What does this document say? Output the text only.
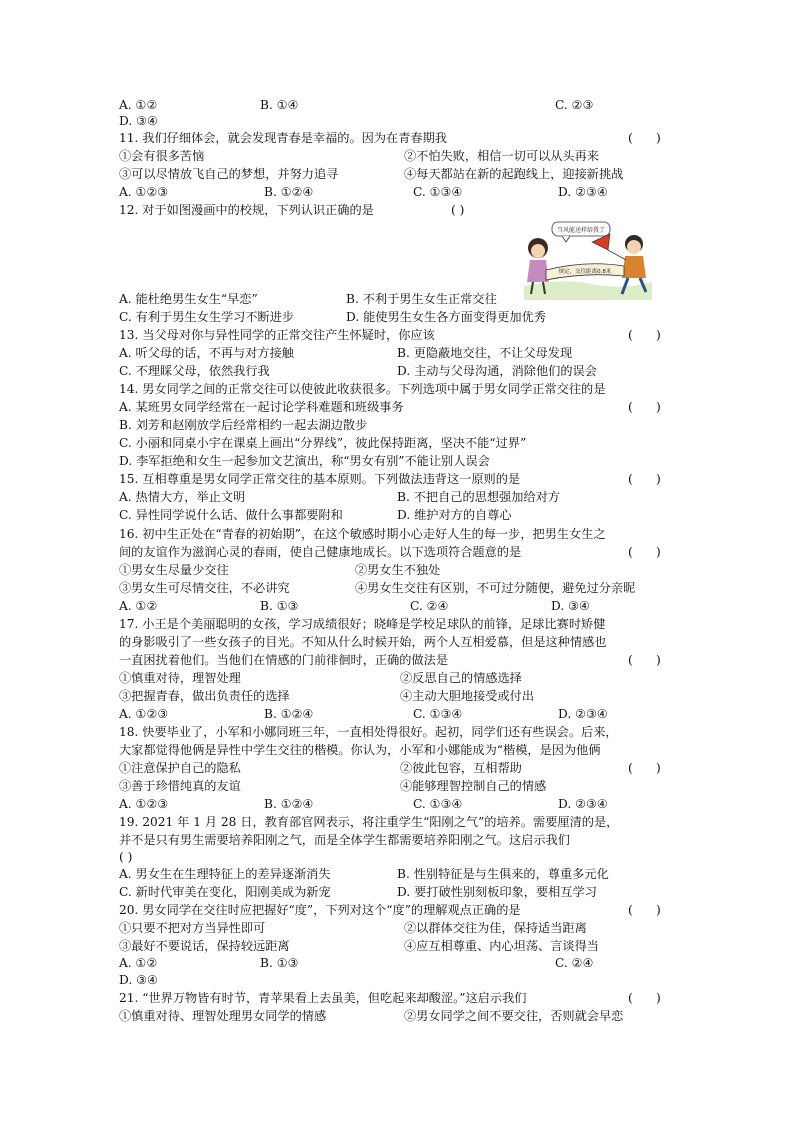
A. ①②	B. ①④	C. ②③
D. ③④
11. 我们仔细体会，就会发现青春是幸福的。因为在青春期我	(      )
①会有很多苦恼	②不怕失败，相信一切可以从头再来
③可以尽情放飞自己的梦想，并努力追寻	④每天都站在新的起跑线上，迎接新挑战
A. ①②③	B. ①②④	C. ①③④	D. ②③④
12. 对于如图漫画中的校规，下列认识正确的是	( )
A. 能杜绝男生女生“早恋”	B. 不利于男生女生正常交往
C. 有利于男生女生学习不断进步	D. 能使男生女生各方面变得更加优秀
13. 当父母对你与异性同学的正常交往产生怀疑时，你应该	(      )
A. 听父母的话，不再与对方接触	B. 更隐蔽地交往，不让父母发现
C. 不理睬父母，依然我行我	D. 主动与父母沟通，消除他们的误会
14. 男女同学之间的正常交往可以使彼此收获很多。下列选项中属于男女同学正常交往的是
A. 某班男女同学经常在一起讨论学科难题和班级事务	(      )
B. 刘芳和赵刚放学后经常相约一起去湖边散步
C. 小丽和同桌小宇在课桌上画出“分界线”，彼此保持距离，坚决不能“过界”
D. 李军拒绝和女生一起参加文艺演出，称“男女有别”不能让别人误会
15. 互相尊重是男女同学正常交往的基本原则。下列做法违背这一原则的是	(      )
A. 热情大方，举止文明	B. 不把自己的思想强加给对方
C. 异性同学说什么话、做什么事都要附和	D. 维护对方的自尊心
16. 初中生正处在“青春的初始期”，在这个敏感时期小心走好人生的每一步，把男生女生之
间的友谊作为滋润心灵的春雨，使自己健康地成长。以下选项符合题意的是	(      )
①男女生尽量少交往	②男女生不独处
③男女生可尽情交往，不必讲究	④男女生交往有区别，不可过分随便，避免过分亲昵
A. ①②	B. ①③	C. ②④	D. ③④
17. 小王是个美丽聪明的女孩，学习成绩很好；晓峰是学校足球队的前锋，足球比赛时矫健
的身影吸引了一些女孩子的目光。不知从什么时候开始，两个人互相爱慕，但是这种情感也
一直困扰着他们。当他们在情感的门前徘徊时，正确的做法是	(      )
①慎重对待，理智处理	②反思自己的情感选择
③把握青春，做出负责任的选择	④主动大胆地接受或付出
A. ①②③	B. ①②④	C. ①③④	D. ②③④
18. 快要毕业了，小军和小娜同班三年，一直相处得很好。起初，同学们还有些误会。后来，
大家都觉得他俩是异性中学生交往的楷模。你认为，小军和小娜能成为“楷模，是因为他俩
①注意保护自己的隐私	②彼此包容，互相帮助	(      )
③善于珍惜纯真的友谊	④能够理智控制自己的情感
A. ①②③	B. ①②④	C. ①③④	D. ②③④
19. 2021 年 1 月 28 日，教育部官网表示，将注重学生“阳刚之气”的培养。需要厘清的是，
并不是只有男生需要培养阳刚之气，而是全体学生都需要培养阳刚之气。这启示我们
( )
A. 男女生在生理特征上的差异逐渐消失	B. 性别特征是与生俱来的，尊重多元化
C. 新时代审美在变化，阳刚美成为新宠	D. 要打破性别刻板印象，要相互学习
20. 男女同学在交往时应把握好“度”，下列对这个“度”的理解观点正确的是	(      )
①只要不把对方当异性即可	②以群体交往为佳，保持适当距离
③最好不要说话，保持较远距离	④应互相尊重、内心坦荡、言谈得当
A. ①②	B. ①③	C. ②④
D. ③④
21. “世界万物皆有时节，青苹果看上去虽美，但吃起来却酸涩。”这启示我们	(      )
①慎重对待、理智处理男女同学的情感	②男女同学之间不要交往，否则就会早恋
当风能送样给我了
规定，交往距离0.8米
